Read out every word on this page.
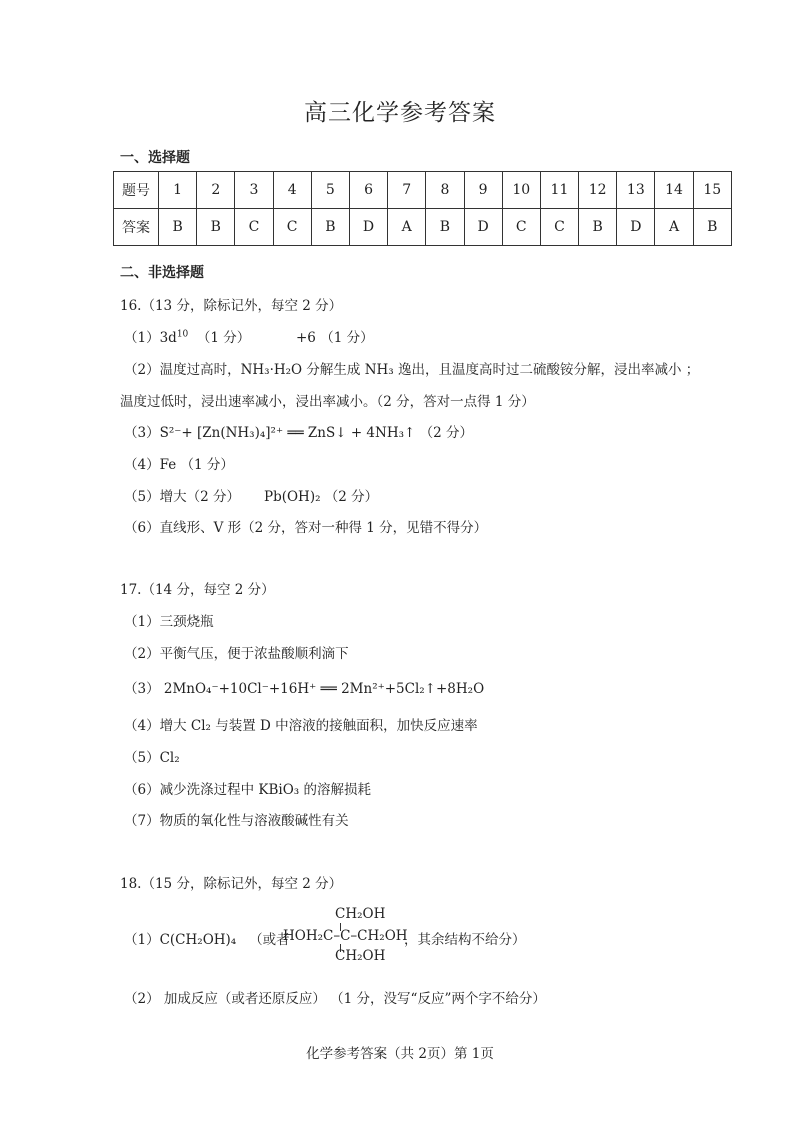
高三化学参考答案
一、选择题
题号	1	2	3	4	5	6	7	8	9	10	11	12	13	14	15
答案	B	B	C	C	B	D	A	B	D	C	C	B	D	A	B
二、非选择题
16.（13 分，除标记外，每空 2 分）
$(1)3d^{10}$ （1 分）	+6 （1 分）
（2）温度过高时，NH₃·H₂O 分解生成 NH₃ 逸出，且温度高时过二硫酸铵分解，浸出率减小 ；
温度过低时，浸出速率减小，浸出率减小。（2 分，答对一点得 1 分）
（3）S²⁻+ [Zn(NH₃)₄]²⁺ ══ ZnS↓ + 4NH₃↑ （2 分）
（4）Fe （1 分）
（5）增大（2 分） Pb(OH)₂ （2 分）
（6）直线形、V 形（2 分，答对一种得 1 分，见错不得分）
17.（14 分，每空 2 分）
（1）三颈烧瓶
（2）平衡气压，便于浓盐酸顺利滴下
（3） 2MnO₄⁻+10Cl⁻+16H⁺ ══ 2Mn²⁺+5Cl₂↑+8H₂O
（4）增大 Cl₂ 与装置 D 中溶液的接触面积，加快反应速率
（5）Cl₂
（6）减少洗涤过程中 KBiO₃ 的溶解损耗
（7）物质的氧化性与溶液酸碱性有关
18.（15 分，除标记外，每空 2 分）
（1）C(CH₂OH)₄ （或者
CH₂OH
HOH₂C–C–CH₂OH
CH₂OH
，其余结构不给分）
（2） 加成反应（或者还原反应） （1 分，没写“反应”两个字不给分）
化学参考答案（共 2页）第 1页
